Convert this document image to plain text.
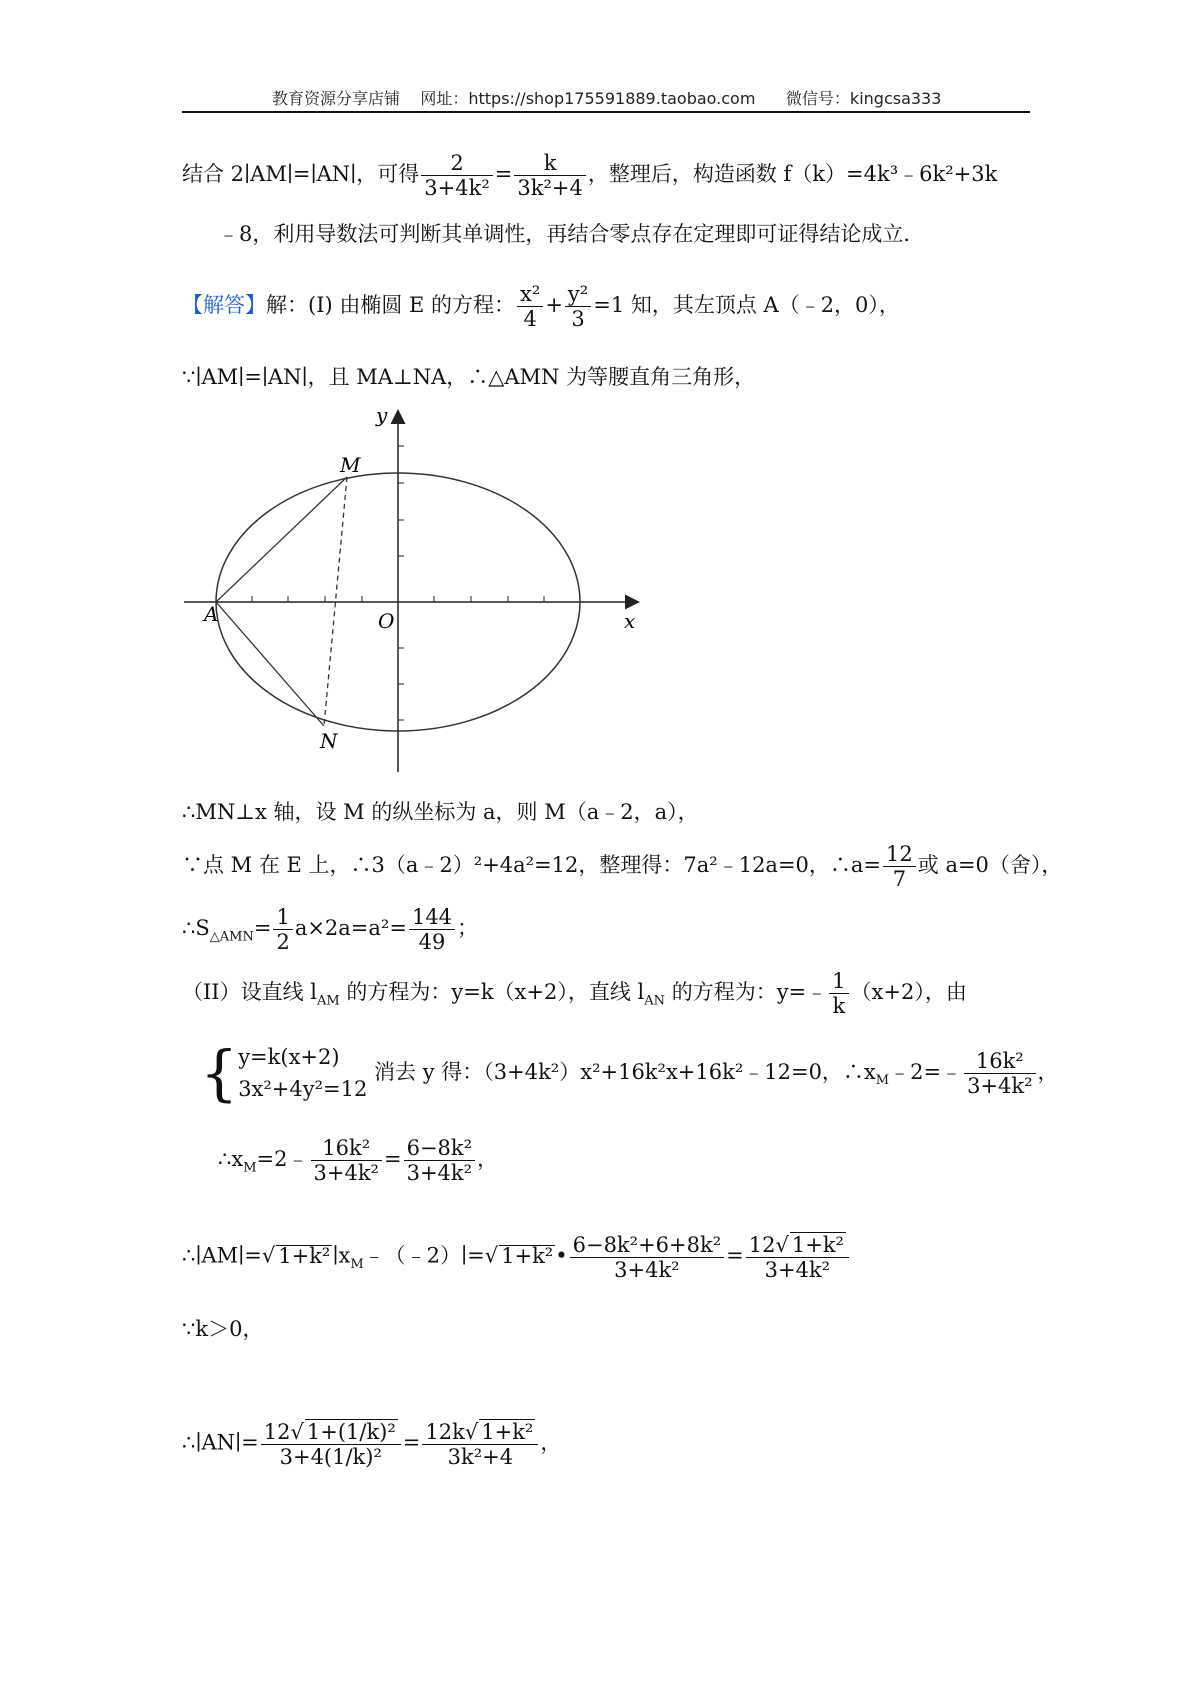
教育资源分享店铺    网址：https://shop175591889.taobao.com      微信号：kingcsa333
结合 2∣AM∣=∣AN∣，可得 $\frac{2}{\text{3+4k²}} = \frac{k}{\text{3k²+4}}$ ，整理后，构造函数 f（k）=4k³﹣6k²+3k
﹣8，利用导数法可判断其单调性，再结合零点存在定理即可证得结论成立．
【解答】解：(I) 由椭圆 E 的方程： $\frac{\text{x²}}{4} + \frac{\text{y²}}{3} =1$ 知，其左顶点 A（﹣2，0），
∵∣AM∣=∣AN∣，且 MA⊥NA，∴△AMN 为等腰直角三角形，
y
x
O
A
M
N
∴MN⊥x 轴，设 M 的纵坐标为 a，则 M（a﹣2，a），
∵点 M 在 E 上，∴3（a﹣2）²+4a²=12，整理得：7a²﹣12a=0，∴a= $\frac{12}{7}$ 或 a=0（舍），
$\therefore S_{\triangle AMN}= \frac{1}{2} a\times 2a=a^2= \frac{144}{49}$ ；
（II）设直线 $l_{AM}$ 的方程为：y=k（x+2），直线 $l_{AN}$ 的方程为：y=﹣ $\frac{1}{k} (x+2)$，由
{ y=k(x+2)
3x²+4y²=12
消去 y 得：（3+4k²）x²+16k²x+16k²﹣12=0，$\therefore x_M﹣2=﹣ \frac{\text{16k²}}{\text{3+4k²}}$ ，
$\therefore x_M=2﹣ \frac{\text{16k²}}{\text{3+4k²}} = \frac{\text{6−8k²}}{\text{3+4k²}}$ ，
∴∣AM∣=√ $1+k^2∣x_M﹣(﹣2)∣=√$ 1+k²• $\frac{\text{6−8k²+6+8k²}}{\text{3+4k²}} = \frac{\text{12√ 1+k²}}{\text{3+4k²}}$
∵k＞0，
∴∣AN∣= $\frac{\text{12√ 1+(1/k)²}}{\text{3+4(1/k)²}} = \frac{\text{12k√ 1+k²}}{\text{3k²+4}}$ ，
